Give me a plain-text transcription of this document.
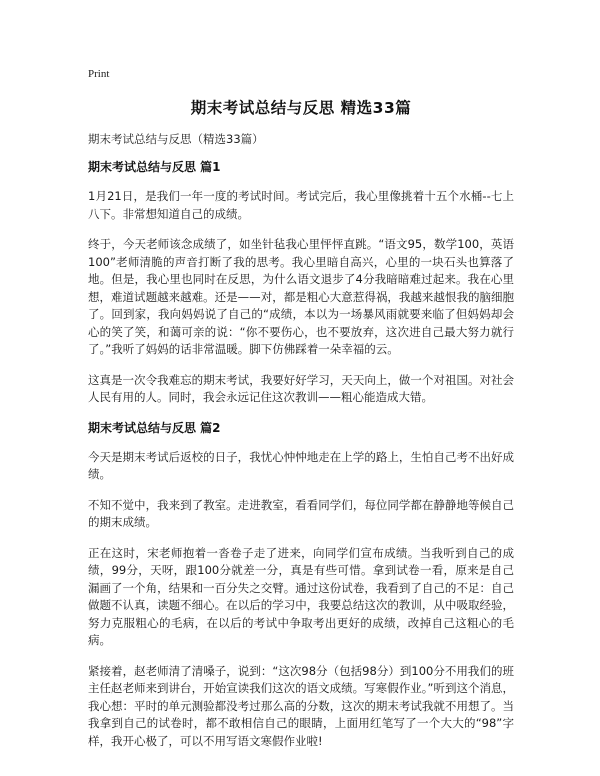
Print
期末考试总结与反思 精选33篇
期末考试总结与反思（精选33篇）
期末考试总结与反思 篇1

1月21日，是我们一年一度的考试时间。考试完后，我心里像挑着十五个水桶--七上八下。非常想知道自己的成绩。

终于，今天老师该念成绩了，如坐针毡我心里怦怦直跳。“语文95，数学100，英语100”老师清脆的声音打断了我的思考。我心里暗自高兴，心里的一块石头也算落了地。但是，我心里也同时在反思，为什么语文退步了4分我暗暗难过起来。我在心里想，难道试题越来越难。还是——对，都是粗心大意惹得祸，我越来越恨我的脑细胞了。回到家，我向妈妈说了自己的“成绩，本以为一场暴风雨就要来临了但妈妈却会心的笑了笑，和蔼可亲的说：“你不要伤心，也不要放弃，这次进自己最大努力就行了。”我听了妈妈的话非常温暖。脚下仿佛踩着一朵幸福的云。

这真是一次令我难忘的期末考试，我要好好学习，天天向上，做一个对祖国。对社会人民有用的人。同时，我会永远记住这次教训——粗心能造成大错。

期末考试总结与反思 篇2

今天是期末考试后返校的日子，我忧心忡忡地走在上学的路上，生怕自己考不出好成绩。

不知不觉中，我来到了教室。走进教室，看看同学们，每位同学都在静静地等候自己的期末成绩。

正在这时，宋老师抱着一沓卷子走了进来，向同学们宣布成绩。当我听到自己的成绩，99分，天呀，跟100分就差一分，真是有些可惜。拿到试卷一看，原来是自己漏画了一个角，结果和一百分失之交臂。通过这份试卷，我看到了自己的不足：自己做题不认真，读题不细心。在以后的学习中，我要总结这次的教训，从中吸取经验，努力克服粗心的毛病，在以后的考试中争取考出更好的成绩，改掉自己这粗心的毛病。

紧接着，赵老师清了清嗓子，说到：“这次98分（包括98分）到100分不用我们的班主任赵老师来到讲台，开始宣读我们这次的语文成绩。写寒假作业。”听到这个消息，我心想：平时的单元测验都没考过那么高的分数，这次的期末考试我就不用想了。当我拿到自己的试卷时，都不敢相信自己的眼睛，上面用红笔写了一个大大的“98”字样，我开心极了，可以不用写语文寒假作业啦!
